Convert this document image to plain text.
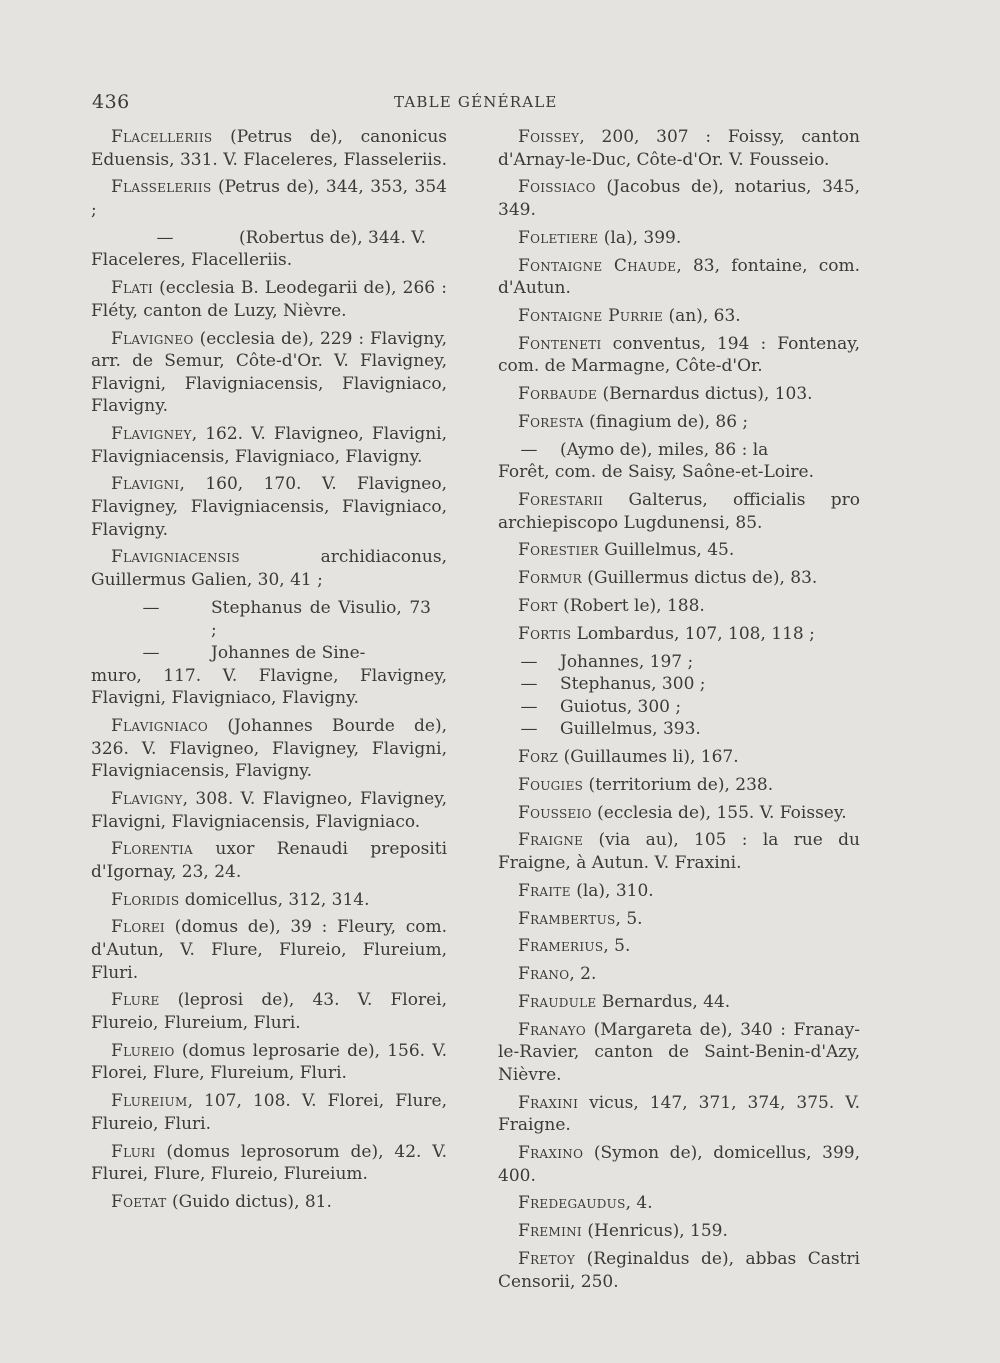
436	TABLE GÉNÉRALE
Flacelleriis (Petrus de), canonicus Eduensis, 331. V. Flaceleres, Flasseleriis.
Flasseleriis (Petrus de), 344, 353, 354 ;
—	(Robertus de), 344. V.
Flaceleres, Flacelleriis.
Flati (ecclesia B. Leodegarii de), 266 : Fléty, canton de Luzy, Nièvre.
Flavigneo (ecclesia de), 229 : Flavigny, arr. de Semur, Côte-d'Or. V. Flavigney, Flavigni, Flavigniacensis, Flavigniaco, Flavigny.
Flavigney, 162. V. Flavigneo, Flavigni, Flavigniacensis, Flavigniaco, Flavigny.
Flavigni, 160, 170. V. Flavigneo, Flavigney, Flavigniacensis, Flavigniaco, Flavigny.
Flavigniacensis archidiaconus, Guillermus Galien, 30, 41 ;
—	Stephanus de Visulio, 73 ;
—	Johannes de Sine-
muro, 117. V. Flavigne, Flavigney, Flavigni, Flavigniaco, Flavigny.
Flavigniaco (Johannes Bourde de), 326. V. Flavigneo, Flavigney, Flavigni, Flavigniacensis, Flavigny.
Flavigny, 308. V. Flavigneo, Flavigney, Flavigni, Flavigniacensis, Flavigniaco.
Florentia uxor Renaudi prepositi d'Igornay, 23, 24.
Floridis domicellus, 312, 314.
Florei (domus de), 39 : Fleury, com. d'Autun, V. Flure, Flureio, Flureium, Fluri.
Flure (leprosi de), 43. V. Florei, Flureio, Flureium, Fluri.
Flureio (domus leprosarie de), 156. V. Florei, Flure, Flureium, Fluri.
Flureium, 107, 108. V. Florei, Flure, Flureio, Fluri.
Fluri (domus leprosorum de), 42. V. Flurei, Flure, Flureio, Flureium.
Foetat (Guido dictus), 81.
Foissey, 200, 307 : Foissy, canton d'Arnay-le-Duc, Côte-d'Or. V. Fousseio.
Foissiaco (Jacobus de), notarius, 345, 349.
Foletiere (la), 399.
Fontaigne Chaude, 83, fontaine, com. d'Autun.
Fontaigne Purrie (an), 63.
Fonteneti conventus, 194 : Fontenay, com. de Marmagne, Côte-d'Or.
Forbaude (Bernardus dictus), 103.
Foresta (finagium de), 86 ;
—	(Aymo de), miles, 86 : la
Forêt, com. de Saisy, Saône-et-Loire.
Forestarii Galterus, officialis pro archiepiscopo Lugdunensi, 85.
Forestier Guillelmus, 45.
Formur (Guillermus dictus de), 83.
Fort (Robert le), 188.
Fortis Lombardus, 107, 108, 118 ;
—	Johannes, 197 ;
—	Stephanus, 300 ;
—	Guiotus, 300 ;
—	Guillelmus, 393.
Forz (Guillaumes li), 167.
Fougies (territorium de), 238.
Fousseio (ecclesia de), 155. V. Foissey.
Fraigne (via au), 105 : la rue du Fraigne, à Autun. V. Fraxini.
Fraite (la), 310.
Frambertus, 5.
Framerius, 5.
Frano, 2.
Fraudule Bernardus, 44.
Franayo (Margareta de), 340 : Franay-le-Ravier, canton de Saint-Benin-d'Azy, Nièvre.
Fraxini vicus, 147, 371, 374, 375. V. Fraigne.
Fraxino (Symon de), domicellus, 399, 400.
Fredegaudus, 4.
Fremini (Henricus), 159.
Fretoy (Reginaldus de), abbas Castri Censorii, 250.
